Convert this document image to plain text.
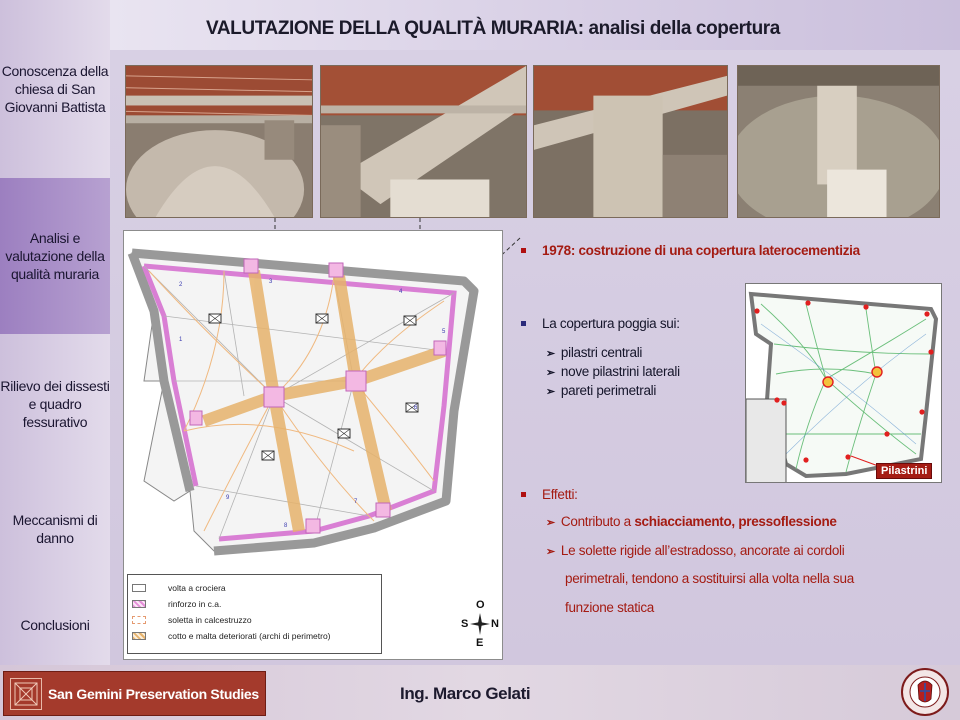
Conoscenza della chiesa di San Giovanni Battista
Analisi e valutazione della qualità muraria
Rilievo dei dissesti e quadro fessurativo
Meccanismi di danno
Conclusioni
VALUTAZIONE DELLA QUALITÀ MURARIA: analisi della copertura
1
2	3
4
5
6
7
8
9
volta a crociera
rinforzo in c.a.
soletta in calcestruzzo
cotto e malta deteriorati (archi di perimetro)
O
S N
E
1978: costruzione di una copertura laterocementizia
La copertura poggia sui:
➢ pilastri centrali
➢ nove pilastrini laterali
➢ pareti perimetrali
Effetti:
➢ Contributo a schiacciamento, pressoflessione
➢ Le solette rigide all’estradosso, ancorate ai cordoli
perimetrali, tendono a sostituirsi alla volta nella sua
funzione statica
Pilastrini
San Gemini Preservation Studies	Ing. Marco Gelati
